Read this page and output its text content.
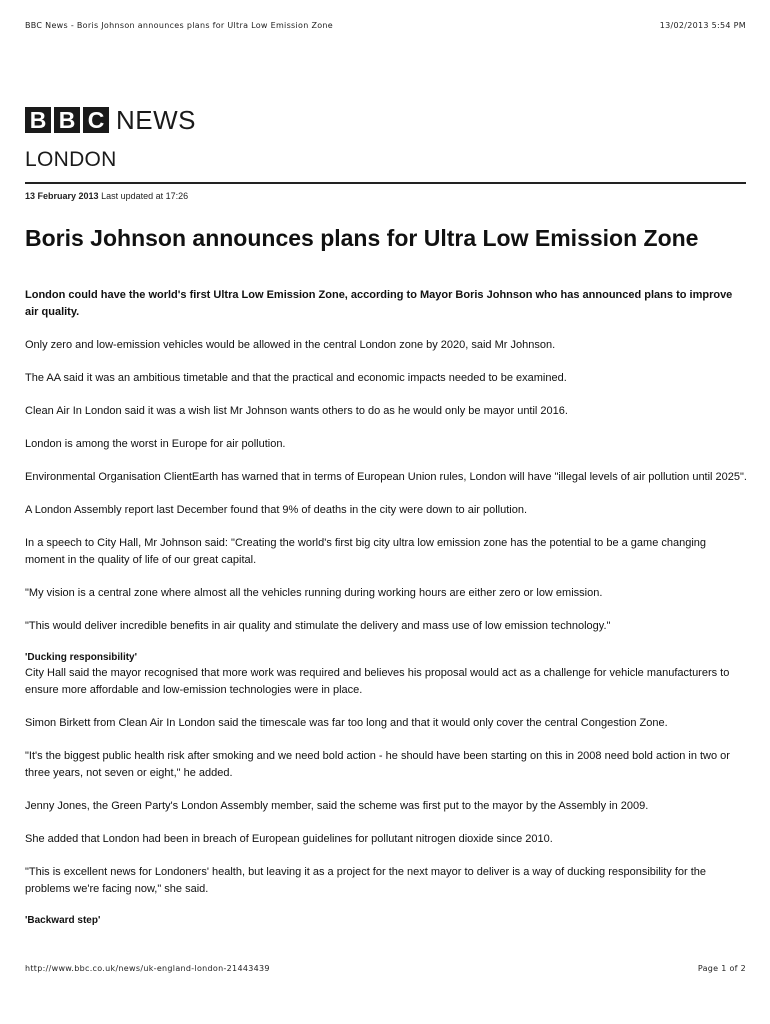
BBC News - Boris Johnson announces plans for Ultra Low Emission Zone	13/02/2013 5:54 PM
B B C NEWS
LONDON
13 February 2013 Last updated at 17:26
Boris Johnson announces plans for Ultra Low Emission Zone

London could have the world's first Ultra Low Emission Zone, according to Mayor Boris Johnson who has announced plans to improve air quality.

Only zero and low-emission vehicles would be allowed in the central London zone by 2020, said Mr Johnson.

The AA said it was an ambitious timetable and that the practical and economic impacts needed to be examined.

Clean Air In London said it was a wish list Mr Johnson wants others to do as he would only be mayor until 2016.

London is among the worst in Europe for air pollution.

Environmental Organisation ClientEarth has warned that in terms of European Union rules, London will have "illegal levels of air pollution until 2025".

A London Assembly report last December found that 9% of deaths in the city were down to air pollution.

In a speech to City Hall, Mr Johnson said: "Creating the world's first big city ultra low emission zone has the potential to be a game changing moment in the quality of life of our great capital.

"My vision is a central zone where almost all the vehicles running during working hours are either zero or low emission.

"This would deliver incredible benefits in air quality and stimulate the delivery and mass use of low emission technology."

'Ducking responsibility'

City Hall said the mayor recognised that more work was required and believes his proposal would act as a challenge for vehicle manufacturers to ensure more affordable and low-emission technologies were in place.

Simon Birkett from Clean Air In London said the timescale was far too long and that it would only cover the central Congestion Zone.

"It's the biggest public health risk after smoking and we need bold action - he should have been starting on this in 2008 need bold action in two or three years, not seven or eight," he added.

Jenny Jones, the Green Party's London Assembly member, said the scheme was first put to the mayor by the Assembly in 2009.

She added that London had been in breach of European guidelines for pollutant nitrogen dioxide since 2010.

"This is excellent news for Londoners' health, but leaving it as a project for the next mayor to deliver is a way of ducking responsibility for the problems we're facing now," she said.

'Backward step'
http://www.bbc.co.uk/news/uk-england-london-21443439	Page 1 of 2
